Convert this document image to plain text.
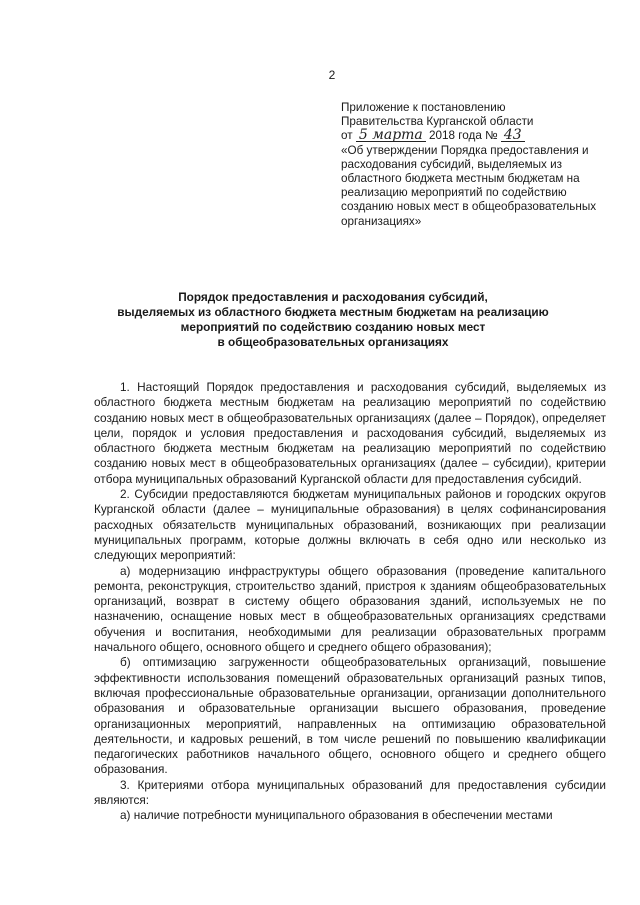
2
Приложение к постановлению
Правительства Курганской области
от 5 марта 2018 года № 43
«Об утверждении Порядка предоставления и расходования субсидий, выделяемых из областного бюджета местным бюджетам на реализацию мероприятий по содействию созданию новых мест в общеобразовательных организациях»
Порядок предоставления и расходования субсидий,
выделяемых из областного бюджета местным бюджетам на реализацию
мероприятий по содействию созданию новых мест
в общеобразовательных организациях

1. Настоящий Порядок предоставления и расходования субсидий, выделяемых из областного бюджета местным бюджетам на реализацию мероприятий по содействию созданию новых мест в общеобразовательных организациях (далее – Порядок), определяет цели, порядок и условия предоставления и расходования субсидий, выделяемых из областного бюджета местным бюджетам на реализацию мероприятий по содействию созданию новых мест в общеобразовательных организациях (далее – субсидии), критерии отбора муниципальных образований Курганской области для предоставления субсидий.

2. Субсидии предоставляются бюджетам муниципальных районов и городских округов Курганской области (далее – муниципальные образования) в целях софинансирования расходных обязательств муниципальных образований, возникающих при реализации муниципальных программ, которые должны включать в себя одно или несколько из следующих мероприятий:

а) модернизацию инфраструктуры общего образования (проведение капитального ремонта, реконструкция, строительство зданий, пристроя к зданиям общеобразовательных организаций, возврат в систему общего образования зданий, используемых не по назначению, оснащение новых мест в общеобразовательных организациях средствами обучения и воспитания, необходимыми для реализации образовательных программ начального общего, основного общего и среднего общего образования);

б) оптимизацию загруженности общеобразовательных организаций, повышение эффективности использования помещений образовательных организаций разных типов, включая профессиональные образовательные организации, организации дополнительного образования и образовательные организации высшего образования, проведение организационных мероприятий, направленных на оптимизацию образовательной деятельности, и кадровых решений, в том числе решений по повышению квалификации педагогических работников начального общего, основного общего и среднего общего образования.

3. Критериями отбора муниципальных образований для предоставления субсидии являются:

а) наличие потребности муниципального образования в обеспечении местами
